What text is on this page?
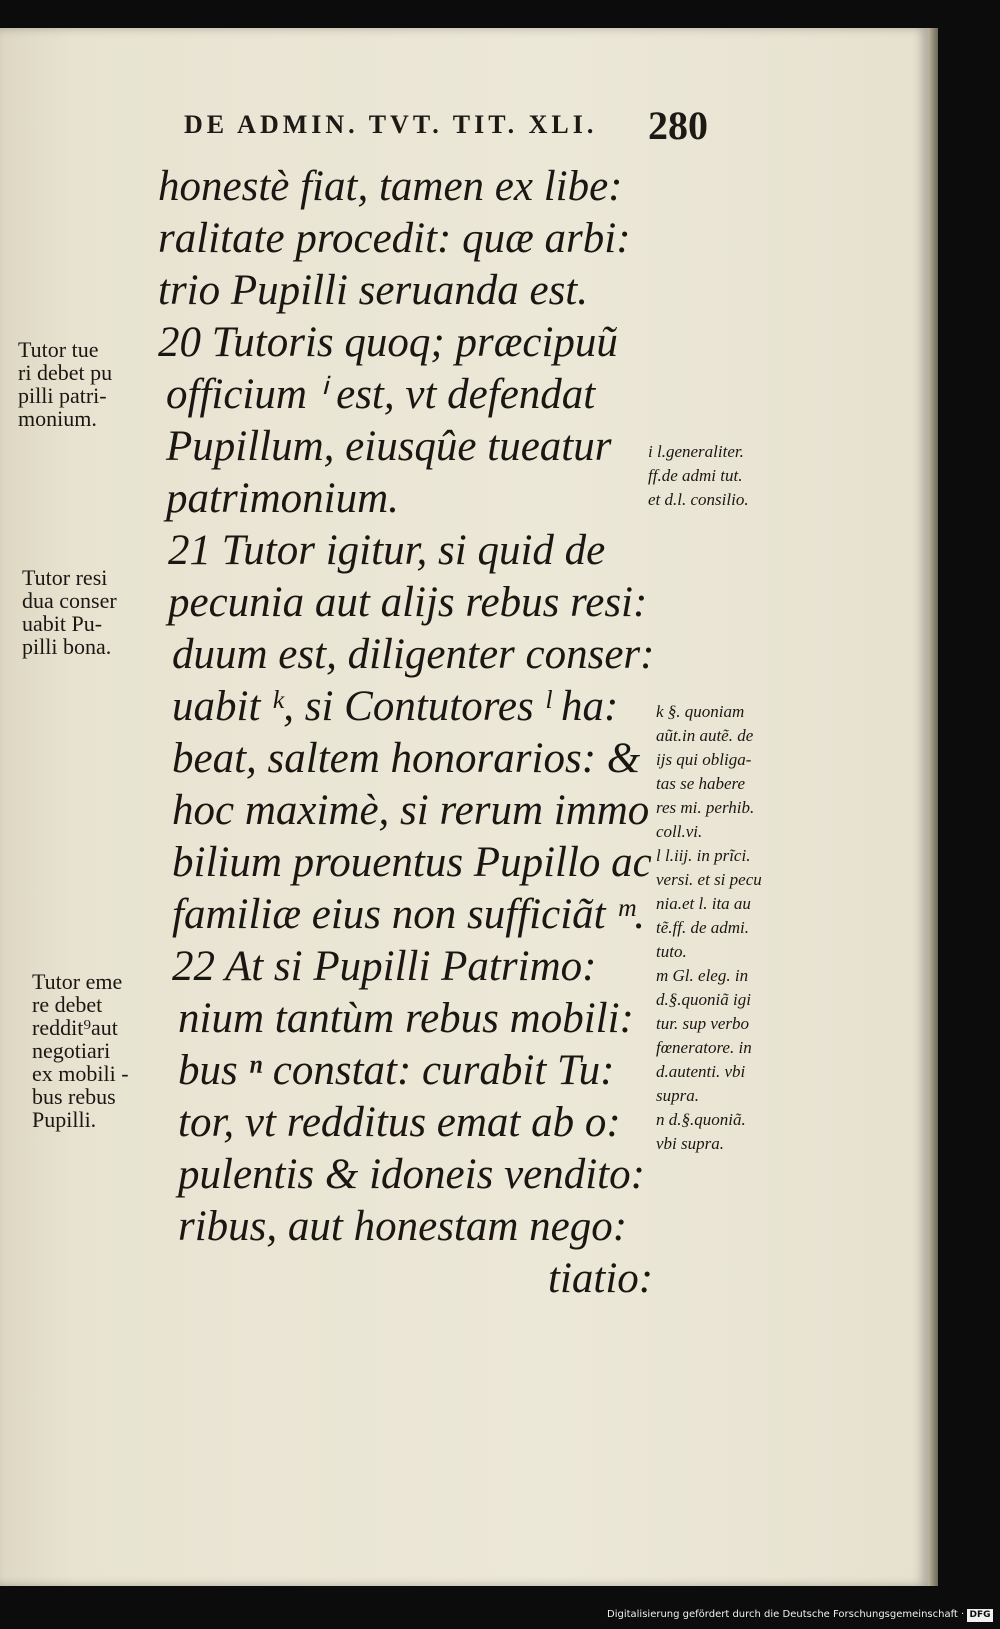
DE ADMIN. TVT. TIT. XLI.	280
honestè fiat, tamen ex libe:
ralitate procedit: quæ arbi:
trio Pupilli seruanda est.
20 Tutoris quoq; præcipuũ
officium ⁱ est, vt defendat
Pupillum, eiusqûe tueatur
patrimonium.
21 Tutor igitur, si quid de
pecunia aut alijs rebus resi:
duum est, diligenter conser:
uabit ᵏ, si Contutores ˡ ha:
beat, saltem honorarios: &
hoc maximè, si rerum immo
bilium prouentus Pupillo ac
familiæ eius non sufficiãt ᵐ.
22 At si Pupilli Patrimo:
nium tantùm rebus mobili:
bus ⁿ constat: curabit Tu:
tor, vt redditus emat ab o:
pulentis & idoneis vendito:
ribus, aut honestam nego:
tiatio:
Tutor tue
ri debet pu
pilli patri-
monium.
Tutor resi
dua conser
uabit Pu-
pilli bona.
Tutor eme
re debet
reddit⁹aut
negotiari
ex mobili -
bus rebus
Pupilli.
i l.generaliter.
ff.de admi tut.
et d.l. consilio.
k §. quoniam
aũt.in autẽ. de
ijs qui obliga-
tas se habere
res mi. perhib.
coll.vi.
l l.iij. in prĩci.
versi. et si pecu
nia.et l. ita au
tẽ.ff. de admi.
tuto.
m Gl. eleg. in
d.§.quoniã igi
tur. sup verbo
fœneratore. in
d.autenti. vbi
supra.
n d.§.quoniã.
vbi supra.
Digitalisierung gefördert durch die Deutsche Forschungsgemeinschaft · DFG
